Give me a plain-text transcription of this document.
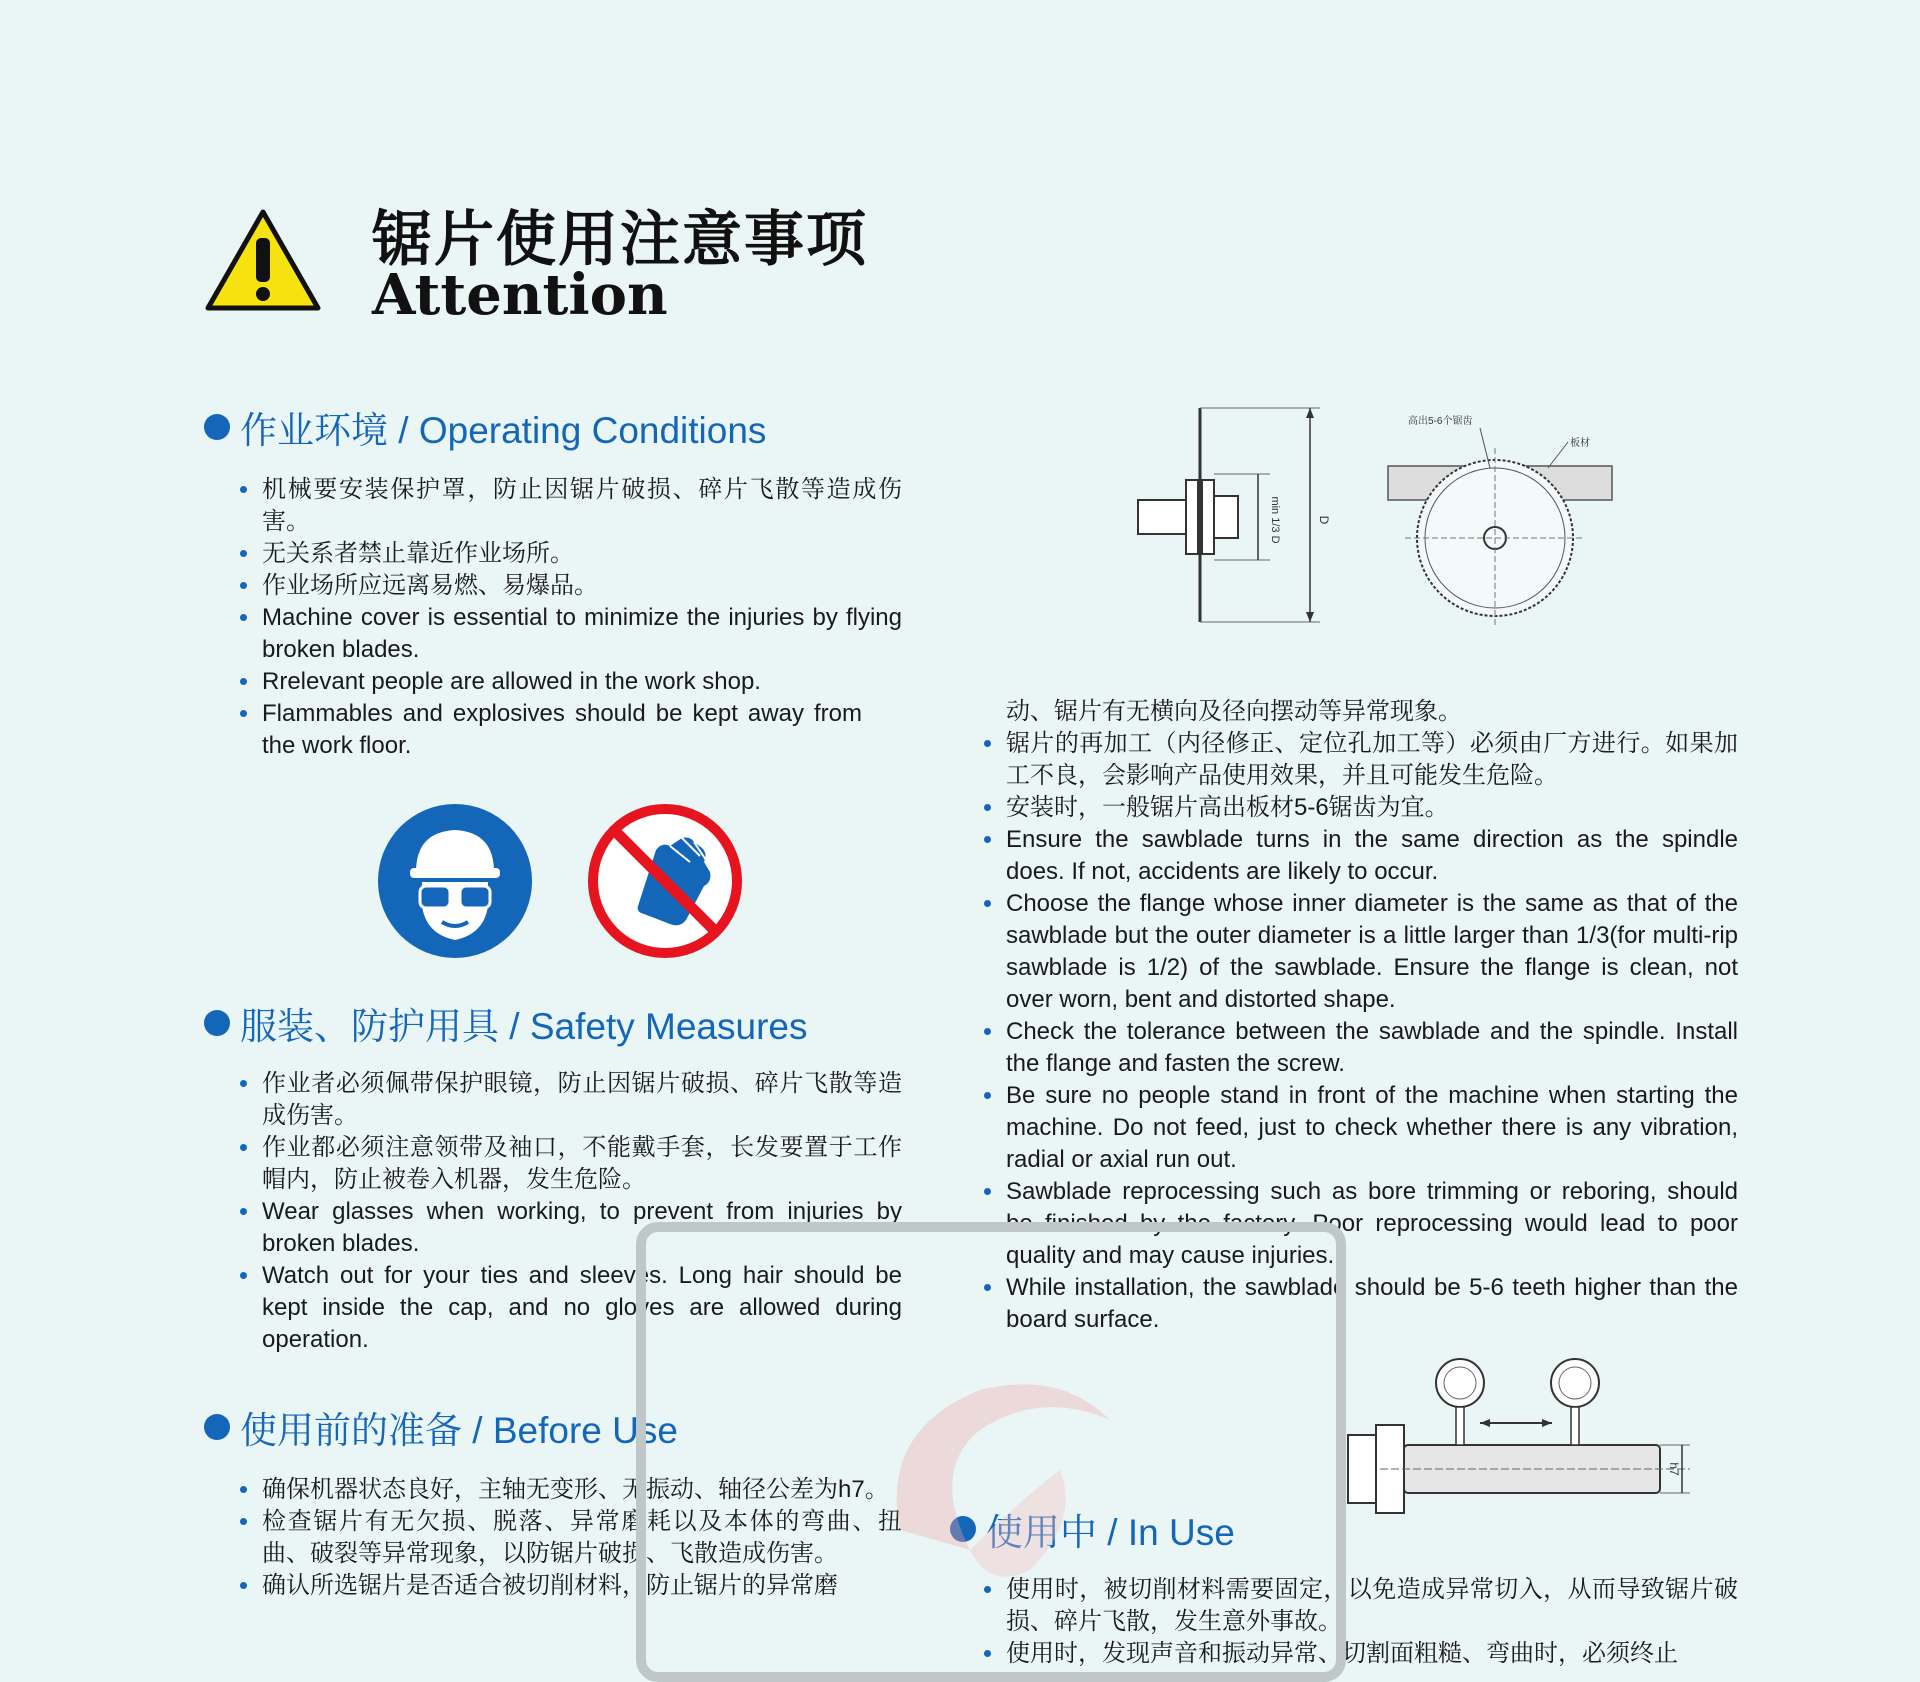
锯片使用注意事项
Attention
作业环境 / Operating Conditions
机械要安装保护罩，防止因锯片破损、碎片飞散等造成伤害。
无关系者禁止靠近作业场所。
作业场所应远离易燃、易爆品。
Machine cover is essential to minimize the injuries by flying broken blades.
Rrelevant people are allowed in the work shop.
Flammables and explosives should be kept away from the work floor.
服装、防护用具 / Safety Measures
作业者必须佩带保护眼镜，防止因锯片破损、碎片飞散等造成伤害。
作业都必须注意领带及袖口，不能戴手套，长发要置于工作帽内，防止被卷入机器，发生危险。
Wear glasses when working, to prevent from injuries by broken blades.
Watch out for your ties and sleeves. Long hair should be kept inside the cap, and no gloves are allowed during operation.
使用前的准备 / Before Use
确保机器状态良好，主轴无变形、无振动、轴径公差为h7。
检查锯片有无欠损、脱落、异常磨耗以及本体的弯曲、扭曲、破裂等异常现象，以防锯片破损、飞散造成伤害。
确认所选锯片是否适合被切削材料，防止锯片的异常磨
min 1/3 D	D
高出5-6个锯齿
板材
动、锯片有无横向及径向摆动等异常现象。
锯片的再加工（内径修正、定位孔加工等）必须由厂方进行。如果加工不良，会影响产品使用效果，并且可能发生危险。
安装时，一般锯片高出板材5-6锯齿为宜。
Ensure the sawblade turns in the same direction as the spindle does. If not, accidents are likely to occur.
Choose the flange whose inner diameter is the same as that of the sawblade but the outer diameter is a little larger than 1/3(for multi-rip sawblade is 1/2) of the sawblade. Ensure the flange is clean, not over worn, bent and distorted shape.
Check the tolerance between the sawblade and the spindle. Install the flange and fasten the screw.
Be sure no people stand in front of the machine when starting the machine. Do not feed, just to check whether there is any vibration, radial or axial run out.
Sawblade reprocessing such as bore trimming or reboring, should be finished by the factory. Poor reprocessing would lead to poor quality and may cause injuries.
While installation, the sawblade should be 5-6 teeth higher than the board surface.
h7
使用中 / In Use
使用时，被切削材料需要固定，以免造成异常切入，从而导致锯片破损、碎片飞散，发生意外事故。
使用时，发现声音和振动异常、切割面粗糙、弯曲时，必须终止
